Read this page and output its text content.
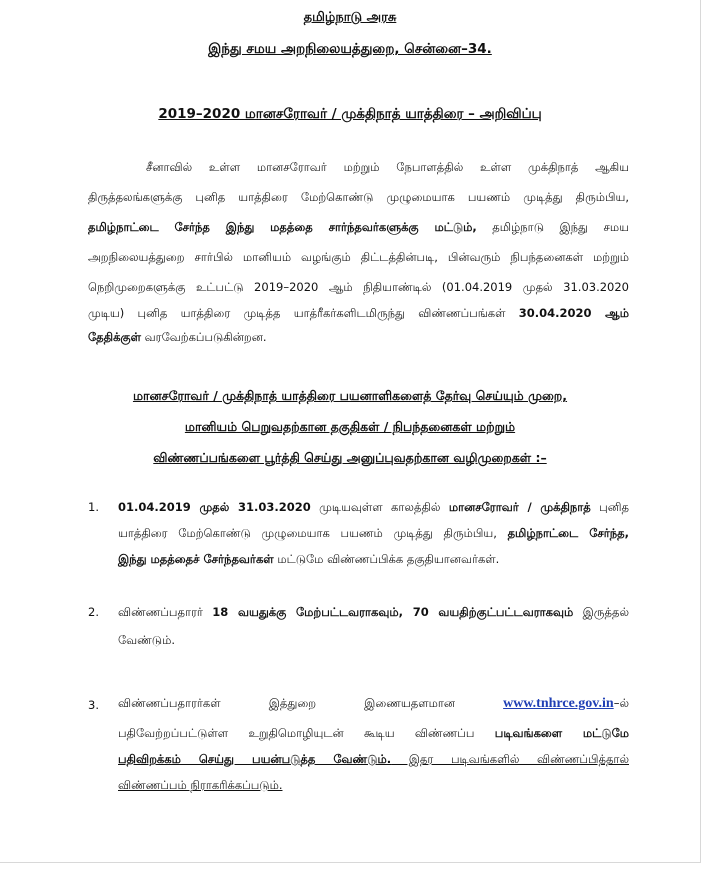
தமிழ்நாடு அரசு
இந்து சமய அறநிலையத்துறை, சென்னை–34.
2019–2020 மானசரோவர் / முக்திநாத் யாத்திரை – அறிவிப்பு
சீனாவில் உள்ள மானசரோவர் மற்றும் நேபாளத்தில் உள்ள முக்திநாத் ஆகிய
திருத்தலங்களுக்கு புனித யாத்திரை மேற்கொண்டு முழுமையாக பயணம் முடித்து திரும்பிய,
தமிழ்நாட்டை சேர்ந்த இந்து மதத்தை சார்ந்தவர்களுக்கு மட்டும், தமிழ்நாடு இந்து சமய
அறநிலையத்துறை சார்பில் மானியம் வழங்கும் திட்டத்தின்படி, பின்வரும் நிபந்தனைகள் மற்றும்
நெறிமுறைகளுக்கு உட்பட்டு 2019–2020 ஆம் நிதியாண்டில் (01.04.2019 முதல் 31.03.2020
முடிய) புனித யாத்திரை முடித்த யாத்ரீகர்களிடமிருந்து விண்ணப்பங்கள் 30.04.2020 ஆம்
தேதிக்குள் வரவேற்கப்படுகின்றன.
மானசரோவர் / முக்திநாத் யாத்திரை பயனாளிகளைத் தேர்வு செய்யும் முறை,
மானியம் பெறுவதற்கான தகுதிகள் / நிபந்தனைகள் மற்றும்
விண்ணப்பங்களை பூர்த்தி செய்து அனுப்புவதற்கான வழிமுறைகள் :–
1. 01.04.2019 முதல் 31.03.2020 முடியவுள்ள காலத்தில் மானசரோவர் / முக்திநாத் புனித
யாத்திரை மேற்கொண்டு முழுமையாக பயணம் முடித்து திரும்பிய, தமிழ்நாட்டை சேர்ந்த,
இந்து மதத்தைச் சேர்ந்தவர்கள் மட்டுமே விண்ணப்பிக்க தகுதியானவர்கள்.
2. விண்ணப்பதாரர் 18 வயதுக்கு மேற்பட்டவராகவும், 70 வயதிற்குட்பட்டவராகவும் இருத்தல்
வேண்டும்.
3. விண்ணப்பதாரர்கள் இத்துறை இணையதளமான www.tnhrce.gov.in–ல்
பதிவேற்றப்பட்டுள்ள உறுதிமொழியுடன் கூடிய விண்ணப்ப படிவங்களை மட்டுமே
பதிவிறக்கம் செய்து பயன்படுத்த வேண்டும். இதர படிவங்களில் விண்ணப்பித்தால்
விண்ணப்பம் நிராகரிக்கப்படும்.
